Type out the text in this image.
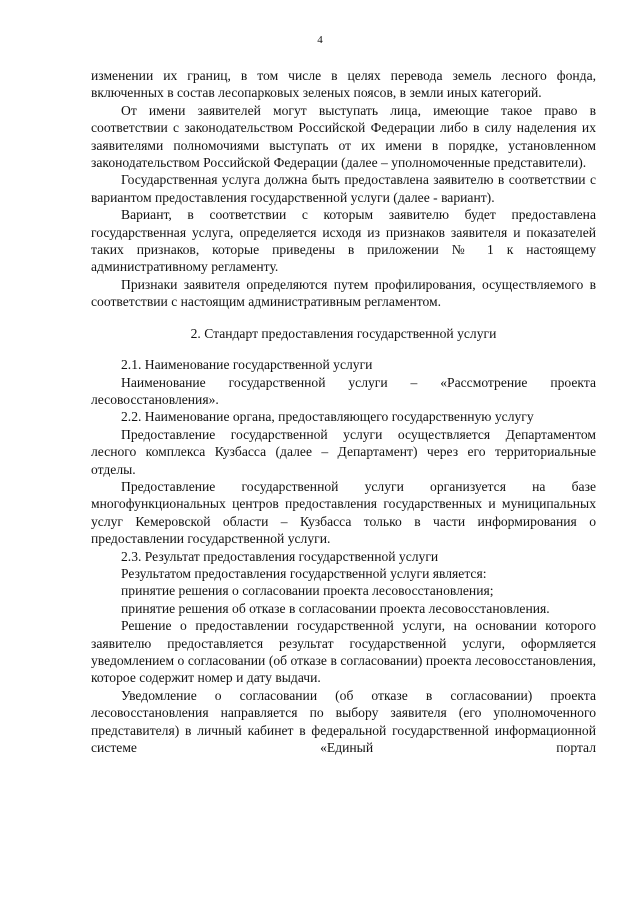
4

изменении их границ, в том числе в целях перевода земель лесного фонда, включенных в состав лесопарковых зеленых поясов, в земли иных категорий.

От имени заявителей могут выступать лица, имеющие такое право в соответствии с законодательством Российской Федерации либо в силу наделения их заявителями полномочиями выступать от их имени в порядке, установленном законодательством Российской Федерации (далее – уполномоченные представители).

Государственная услуга должна быть предоставлена заявителю в соответствии с вариантом предоставления государственной услуги (далее - вариант).

Вариант, в соответствии с которым заявителю будет предоставлена государственная услуга, определяется исходя из признаков заявителя и показателей таких признаков, которые приведены в приложении № 1 к настоящему административному регламенту.

Признаки заявителя определяются путем профилирования, осуществляемого в соответствии с настоящим административным регламентом.

2. Стандарт предоставления государственной услуги

2.1. Наименование государственной услуги

Наименование государственной услуги – «Рассмотрение проекта лесовосстановления».

2.2. Наименование органа, предоставляющего государственную услугу

Предоставление государственной услуги осуществляется Департаментом лесного комплекса Кузбасса (далее – Департамент) через его территориальные отделы.

Предоставление государственной услуги организуется на базе многофункциональных центров предоставления государственных и муниципальных услуг Кемеровской области – Кузбасса только в части информирования о предоставлении государственной услуги.

2.3. Результат предоставления государственной услуги

Результатом предоставления государственной услуги является:

принятие решения о согласовании проекта лесовосстановления;

принятие решения об отказе в согласовании проекта лесовосстановления.

Решение о предоставлении государственной услуги, на основании которого заявителю предоставляется результат государственной услуги, оформляется уведомлением о согласовании (об отказе в согласовании) проекта лесовосстановления, которое содержит номер и дату выдачи.

Уведомление о согласовании (об отказе в согласовании) проекта лесовосстановления направляется по выбору заявителя (его уполномоченного представителя) в личный кабинет в федеральной государственной информационной системе «Единый портал
